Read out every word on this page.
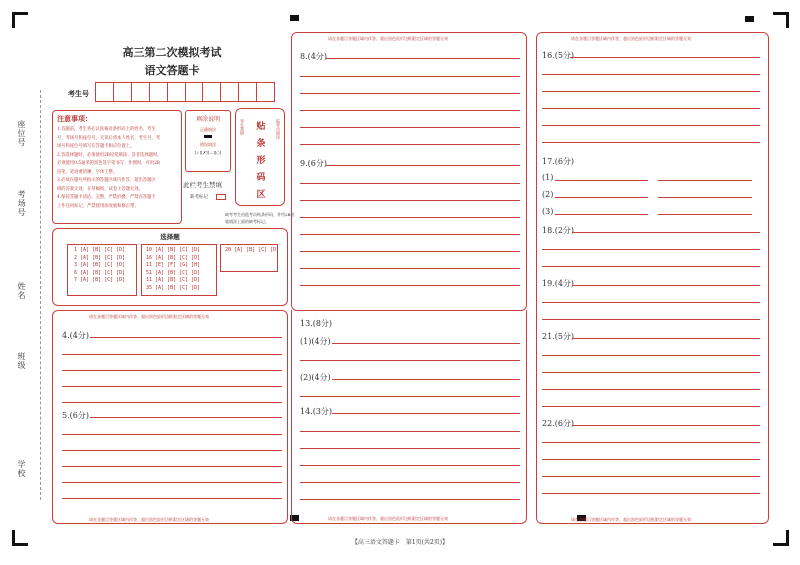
座位号
考场号
姓名
班级
学校
高三第二次模拟考试
语文答题卡
考生号
注意事项：
1.答题前，考生务必认真核对条形码上的姓名、考生
号、考场号和座位号，无误后将本人姓名、考生号、考
场号和座位号填写在答题卡相应位置上。
2.答选择题时，必须使用2B铅笔填涂；答非选择题时，
必须使用0.5毫米的黑色签字笔书写；作图时，可用2B
铅笔，笔迹要清晰，字体工整。
3.必须在题号所指示的答题区域内作答，超出答题区
域的答案无效；在草稿纸、试卷上答题无效。
4.保持答题卡清洁、完整，严禁折叠，严禁在答题卡
上作任何标记，严禁使用涂改液和修正带。
填涂说明
正确填涂
错误填涂
[✓][✗][—][○]
此栏考生禁填
缺考标记
考生禁填	监考员填涂
贴
条
形
码
区
缺考考生由监考员贴条形码，并用2B铅
笔填涂上面的缺考标记。
选择题
1 [A] [B] [C] [D]
2 [A] [B] [C] [D]
3 [A] [B] [C] [D]
6 [A] [B] [C] [D]
7 [A] [B] [C] [D]
10 [A] [B] [C] [D]
16 [A] [B] [C] [D]
11 [E] [F] [G] [H]
51 [A] [B] [C] [D]
11 [A] [B] [C] [D]
35 [A] [B] [C] [D]
20 [A] [B] [C] [D]
请在各题目答题区域内作答，超出黑色矩形边框限定区域的答题无效
请在各题目答题区域内作答，超出黑色矩形边框限定区域的答题无效
4.(4分)
5.(6分)
请在各题目答题区域内作答，超出黑色矩形边框限定区域的答题无效
8.(4分)
9.(6分)
请在各题目答题区域内作答，超出黑色矩形边框限定区域的答题无效
13.(8分)
(1)(4分)
(2)(4分)
14.(3分)
请在各题目答题区域内作答，超出黑色矩形边框限定区域的答题无效
请在各题目答题区域内作答，超出黑色矩形边框限定区域的答题无效
16.(5分)
17.(6分)
(1)
(2)
(3)
18.(2分)
19.(4分)
21.(5分)
22.(6分)
【高三语文答题卡　第1页(共2页)】
